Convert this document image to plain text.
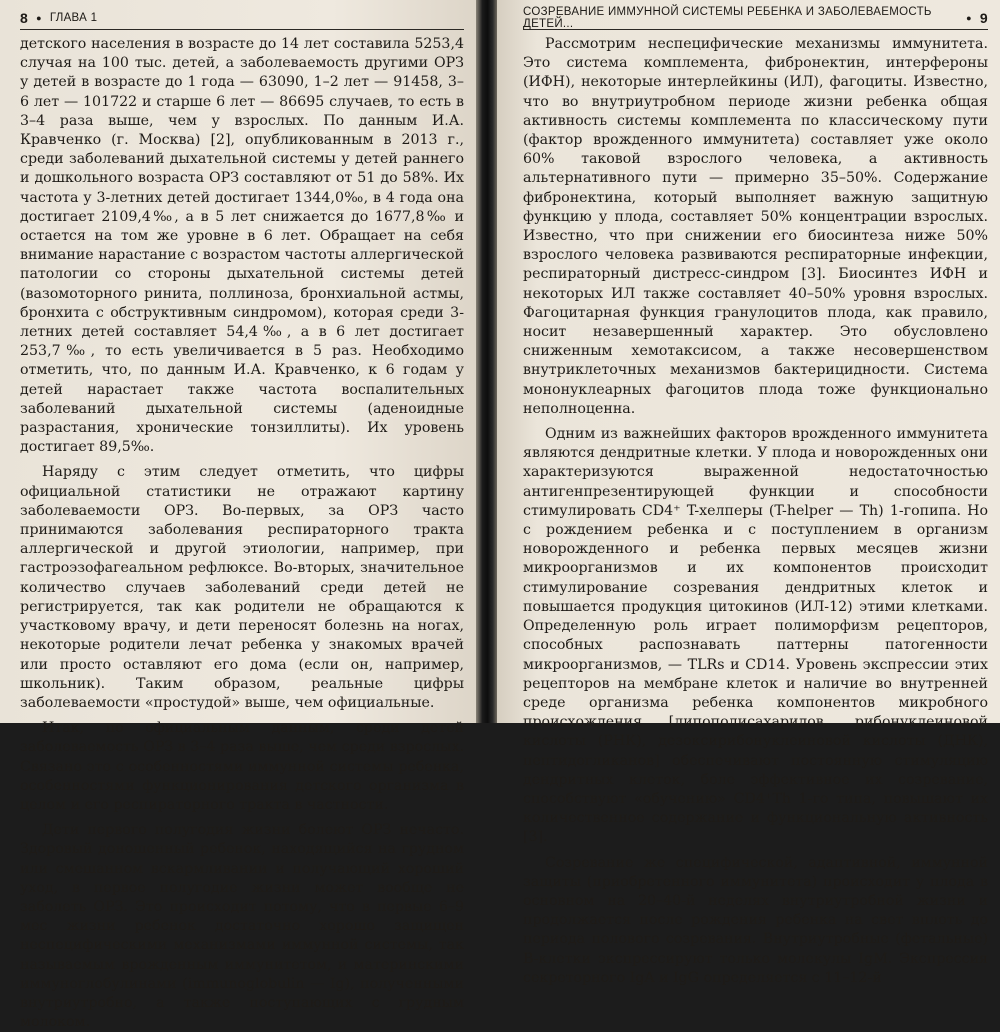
8 ● ГЛАВА 1

детского населения в возрасте до 14 лет составила 5253,4 случая на 100 тыс. детей, а заболеваемость другими ОРЗ у детей в возрасте до 1 года — 63090, 1–2 лет — 91458, 3–6 лет — 101722 и старше 6 лет — 86695 случаев, то есть в 3–4 раза выше, чем у взрослых. По данным И.А. Кравченко (г. Москва) [2], опубликованным в 2013 г., среди заболеваний дыхательной системы у детей раннего и дошкольного возраста ОРЗ составляют от 51 до 58%. Их частота у 3-летних детей достигает 1344,0‰, в 4 года она достигает 2109,4‰, а в 5 лет снижается до 1677,8‰ и остается на том же уровне в 6 лет. Обращает на себя внимание нарастание с возрастом частоты аллергической патологии со стороны дыхательной системы детей (вазомоторного ринита, поллиноза, бронхиальной астмы, бронхита с обструктивным синдромом), которая среди 3-летних детей составляет 54,4‰, а в 6 лет достигает 253,7‰, то есть увеличивается в 5 раз. Необходимо отметить, что, по данным И.А. Кравченко, к 6 годам у детей нарастает также частота воспалительных заболеваний дыхательной системы (аденоидные разрастания, хронические тонзиллиты). Их уровень достигает 89,5‰.

Наряду с этим следует отметить, что цифры официальной статистики не отражают картину заболеваемости ОРЗ. Во-первых, за ОРЗ часто принимаются заболевания респираторного тракта аллергической и другой этиологии, например, при гастроэзофагеальном рефлюксе. Во-вторых, значительное количество случаев заболеваний среди детей не регистрируется, так как родители не обращаются к участковому врачу, и дети переносят болезнь на ногах, некоторые родители лечат ребенка у знакомых врачей или просто оставляют его дома (если он, например, школьник). Таким образом, реальные цифры заболеваемости «простудой» выше, чем официальные.

Итак, по официальным данным, среди детей заболеваемость ОРЗ в 3–4 раза выше, чем среди взрослых. Связано это с особенностями иммунной системы ребенка, особенностями функционирования детского организма в целом и его респираторного тракта в частности.

Дети первого полугодия жизни болеют ОРЗ нечасто. Здоровый доношенный ребенок, находящийся на грудном или смешанном вскармливании и получающий хороший уход, в первое полугодие жизни может вообще не заболеть ОРЗ. Это происходит потому, что в первые 6–9 мес жизни ребенок достаточно хорошо защищен неспецифическими механизмами иммунной системы, так называемым врожденным иммунитетом, и материнскими иммуноглобулинами (immunoglobulin — Ig), полученными внутриутробно, а также поступающих с грудным молоком.

СОЗРЕВАНИЕ ИММУННОЙ СИСТЕМЫ РЕБЕНКА И ЗАБОЛЕВАЕМОСТЬ ДЕТЕЙ...	● 9

Рассмотрим неспецифические механизмы иммунитета. Это система комплемента, фибронектин, интерфероны (ИФН), некоторые интерлейкины (ИЛ), фагоциты. Известно, что во внутриутробном периоде жизни ребенка общая активность системы комплемента по классическому пути (фактор врожденного иммунитета) составляет уже около 60% таковой взрослого человека, а активность альтернативного пути — примерно 35–50%. Содержание фибронектина, который выполняет важную защитную функцию у плода, составляет 50% концентрации взрослых. Известно, что при снижении его биосинтеза ниже 50% взрослого человека развиваются респираторные инфекции, респираторный дистресс-синдром [3]. Биосинтез ИФН и некоторых ИЛ также составляет 40–50% уровня взрослых. Фагоцитарная функция гранулоцитов плода, как правило, носит незавершенный характер. Это обусловлено сниженным хемотаксисом, а также несовершенством внутриклеточных механизмов бактерицидности. Система мононуклеарных фагоцитов плода тоже функционально неполноценна.

Одним из важнейших факторов врожденного иммунитета являются дендритные клетки. У плода и новорожденных они характеризуются выраженной недостаточностью антигенпрезентирующей функции и способности стимулировать CD4⁺ T-хелперы (T-helper — Th) 1-гопипа. Но с рождением ребенка и с поступлением в организм новорожденного и ребенка первых месяцев жизни микроорганизмов и их компонентов происходит стимулирование созревания дендритных клеток и повышается продукция цитокинов (ИЛ-12) этими клетками. Определенную роль играет полиморфизм рецепторов, способных распознавать паттерны патогенности микроорганизмов, — TLRs и CD14. Уровень экспрессии этих рецепторов на мембране клеток и наличие во внутренней среде организма ребенка компонентов микробного происхождения [липополисахаридов, рибонуклеиновой кислоты (РНК), дезоксирибонуклеиновой кислоты (ДНК), пептидогликанов] обеспечивают постоянную стимуляцию дендритных клеток, боле эффективное их созревание, способствуют «обучению» CD4⁺Th 1-го типа, повышают их количественное содержание и функциональную активность [3].

Созревание же специфической, адаптивной, иммунной защиты (приобретенного иммунитета) происходит у плода в основном на 20–40-й неделях внутриутробной жизни и продолжается после рождения ребенка на свет вплоть до периода полового созревания. Внутриутробные (фетальные) B-клетки экспрессируют только молекулы IgM. Экспрессия секреторного IgA и IgG определяется с 11–12-й
